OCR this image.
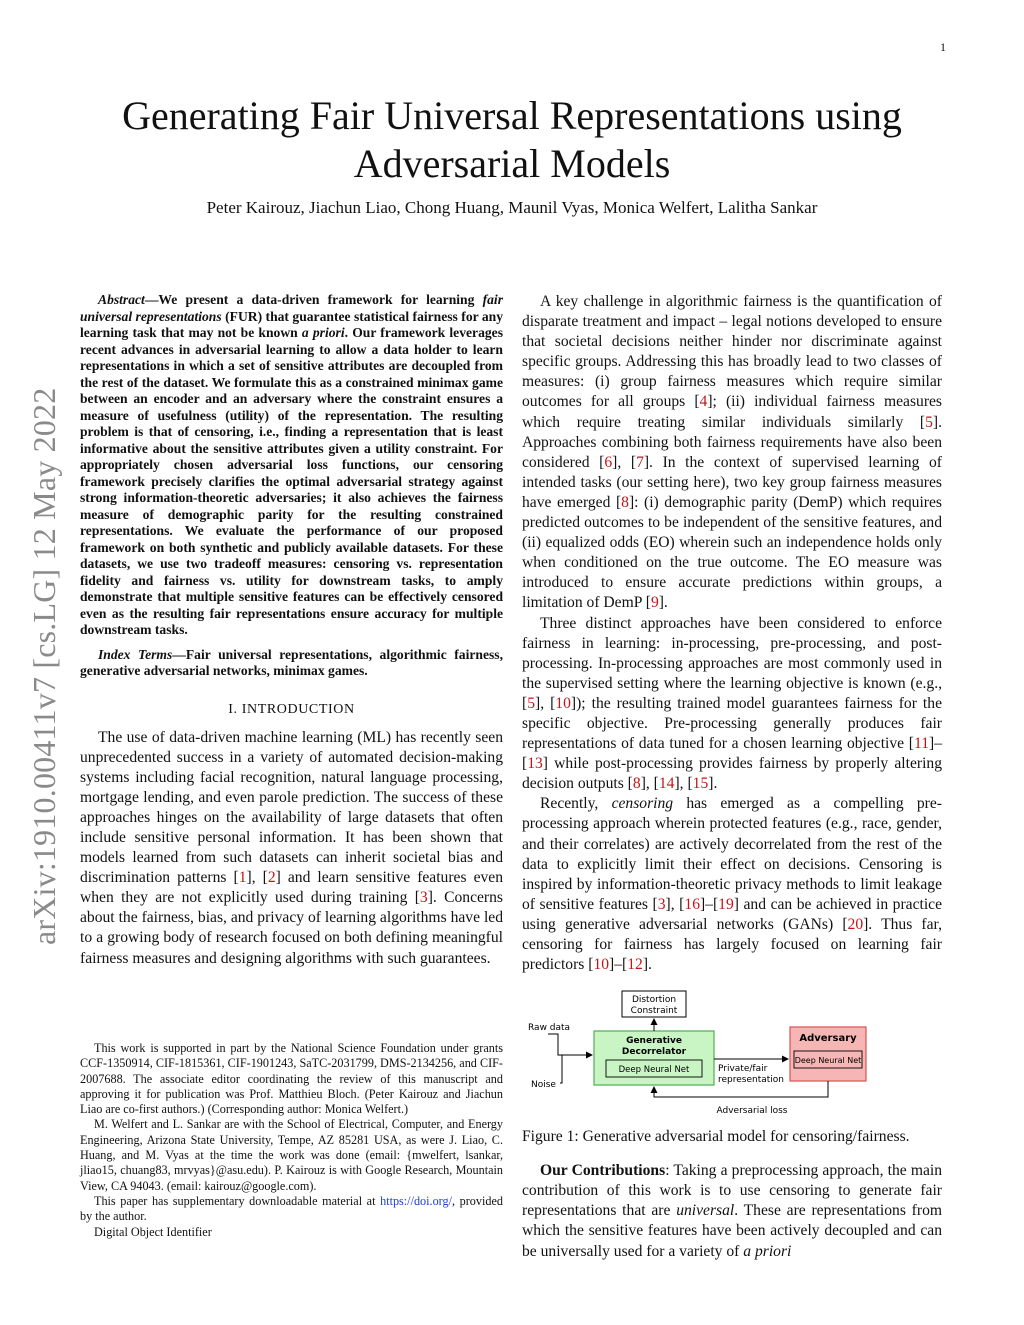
1
arXiv:1910.00411v7 [cs.LG] 12 May 2022
Generating Fair Universal Representations using
Adversarial Models
Peter Kairouz, Jiachun Liao, Chong Huang, Maunil Vyas, Monica Welfert, Lalitha Sankar

Abstract—We present a data-driven framework for learning fair universal representations (FUR) that guarantee statistical fairness for any learning task that may not be known a priori. Our framework leverages recent advances in adversarial learning to allow a data holder to learn representations in which a set of sensitive attributes are decoupled from the rest of the dataset. We formulate this as a constrained minimax game between an encoder and an adversary where the constraint ensures a measure of usefulness (utility) of the representation. The resulting problem is that of censoring, i.e., finding a representation that is least informative about the sensitive attributes given a utility constraint. For appropriately chosen adversarial loss functions, our censoring framework precisely clarifies the optimal adversarial strategy against strong information-theoretic adversaries; it also achieves the fairness measure of demographic parity for the resulting constrained representations. We evaluate the performance of our proposed framework on both synthetic and publicly available datasets. For these datasets, we use two tradeoff measures: censoring vs. representation fidelity and fairness vs. utility for downstream tasks, to amply demonstrate that multiple sensitive features can be effectively censored even as the resulting fair representations ensure accuracy for multiple downstream tasks.

Index Terms—Fair universal representations, algorithmic fairness, generative adversarial networks, minimax games.

I. INTRODUCTION

The use of data-driven machine learning (ML) has recently seen unprecedented success in a variety of automated decision-making systems including facial recognition, natural language processing, mortgage lending, and even parole prediction. The success of these approaches hinges on the availability of large datasets that often include sensitive personal information. It has been shown that models learned from such datasets can inherit societal bias and discrimination patterns [1], [2] and learn sensitive features even when they are not explicitly used during training [3]. Concerns about the fairness, bias, and privacy of learning algorithms have led to a growing body of research focused on both defining meaningful fairness measures and designing algorithms with such guarantees.

This work is supported in part by the National Science Foundation under grants CCF-1350914, CIF-1815361, CIF-1901243, SaTC-2031799, DMS-2134256, and CIF-2007688. The associate editor coordinating the review of this manuscript and approving it for publication was Prof. Matthieu Bloch. (Peter Kairouz and Jiachun Liao are co-first authors.) (Corresponding author: Monica Welfert.)

M. Welfert and L. Sankar are with the School of Electrical, Computer, and Energy Engineering, Arizona State University, Tempe, AZ 85281 USA, as were J. Liao, C. Huang, and M. Vyas at the time the work was done (email: {mwelfert, lsankar, jliao15, chuang83, mrvyas}@asu.edu). P. Kairouz is with Google Research, Mountain View, CA 94043. (email: kairouz@google.com).

This paper has supplementary downloadable material at https://doi.org/, provided by the author.

Digital Object Identifier

A key challenge in algorithmic fairness is the quantification of disparate treatment and impact – legal notions developed to ensure that societal decisions neither hinder nor discriminate against specific groups. Addressing this has broadly lead to two classes of measures: (i) group fairness measures which require similar outcomes for all groups [4]; (ii) individual fairness measures which require treating similar individuals similarly [5]. Approaches combining both fairness requirements have also been considered [6], [7]. In the context of supervised learning of intended tasks (our setting here), two key group fairness measures have emerged [8]: (i) demographic parity (DemP) which requires predicted outcomes to be independent of the sensitive features, and (ii) equalized odds (EO) wherein such an independence holds only when conditioned on the true outcome. The EO measure was introduced to ensure accurate predictions within groups, a limitation of DemP [9].

Three distinct approaches have been considered to enforce fairness in learning: in-processing, pre-processing, and post-processing. In-processing approaches are most commonly used in the supervised setting where the learning objective is known (e.g., [5], [10]); the resulting trained model guarantees fairness for the specific objective. Pre-processing generally produces fair representations of data tuned for a chosen learning objective [11]–[13] while post-processing provides fairness by properly altering decision outputs [8], [14], [15].

Recently, censoring has emerged as a compelling pre-processing approach wherein protected features (e.g., race, gender, and their correlates) are actively decorrelated from the rest of the data to explicitly limit their effect on decisions. Censoring is inspired by information-theoretic privacy methods to limit leakage of sensitive features [3], [16]–[19] and can be achieved in practice using generative adversarial networks (GANs) [20]. Thus far, censoring for fairness has largely focused on learning fair predictors [10]–[12].

Distortion
Constraint
Raw data
Noise
Generative
Decorrelator
Deep Neural Net
Adversary
Deep Neural Net
Private/fair
representation
Adversarial loss
Figure 1: Generative adversarial model for censoring/fairness.

Our Contributions: Taking a preprocessing approach, the main contribution of this work is to use censoring to generate fair representations that are universal. These are representations from which the sensitive features have been actively decoupled and can be universally used for a variety of a priori
